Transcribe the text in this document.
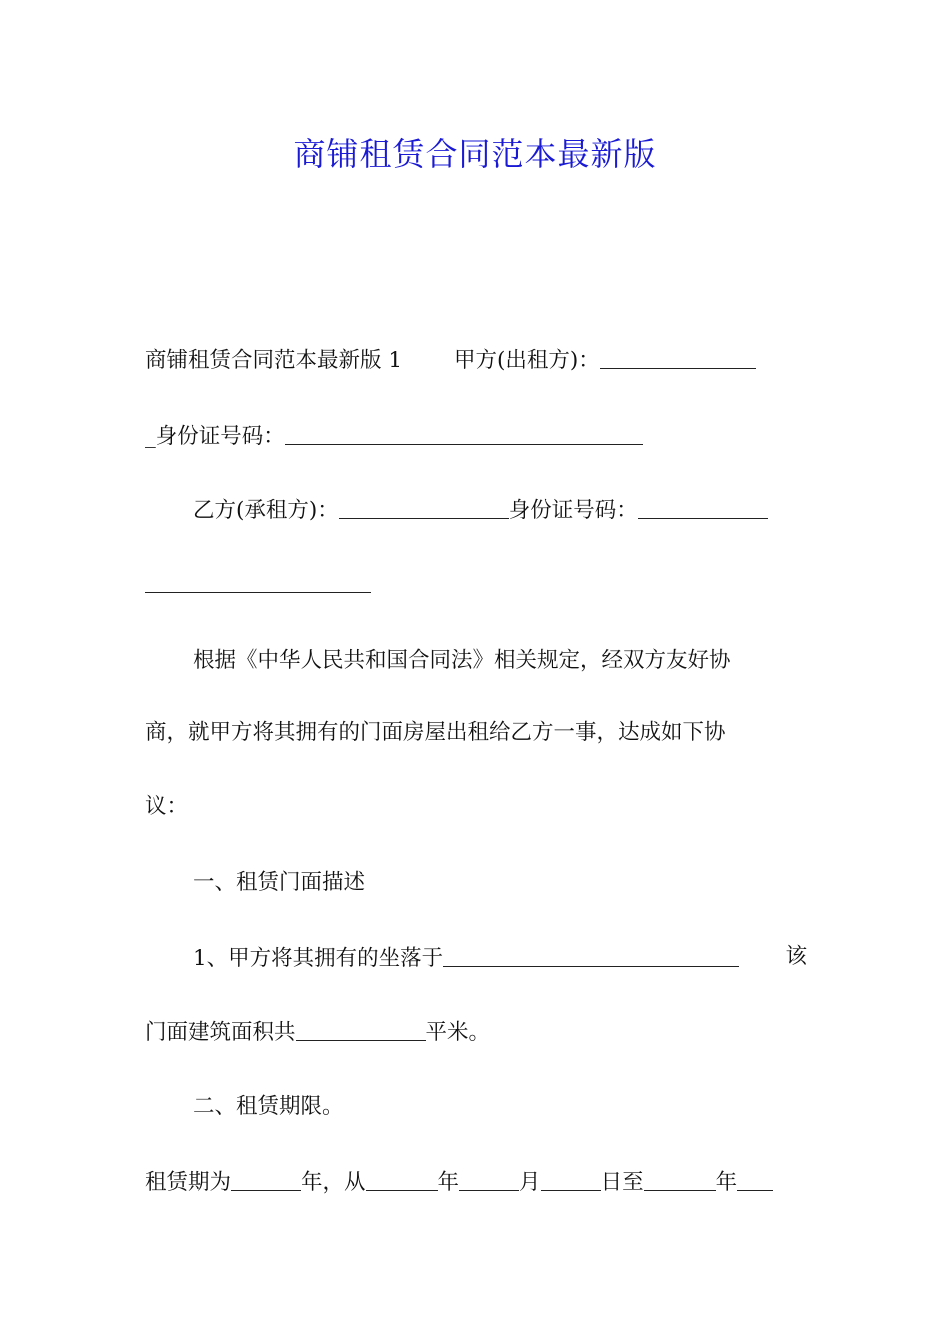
商铺租赁合同范本最新版
商铺租赁合同范本最新版 1 甲方(出租方)：
_身份证号码：
乙方(承租方)：	身份证号码：
根据《中华人民共和国合同法》相关规定，经双方友好协
商，就甲方将其拥有的门面房屋出租给乙方一事，达成如下协
议：
一、租赁门面描述
1、甲方将其拥有的坐落于	该
门面建筑面积共	平米。
二、租赁期限。
租赁期为	年，从	年	月	日至	年
